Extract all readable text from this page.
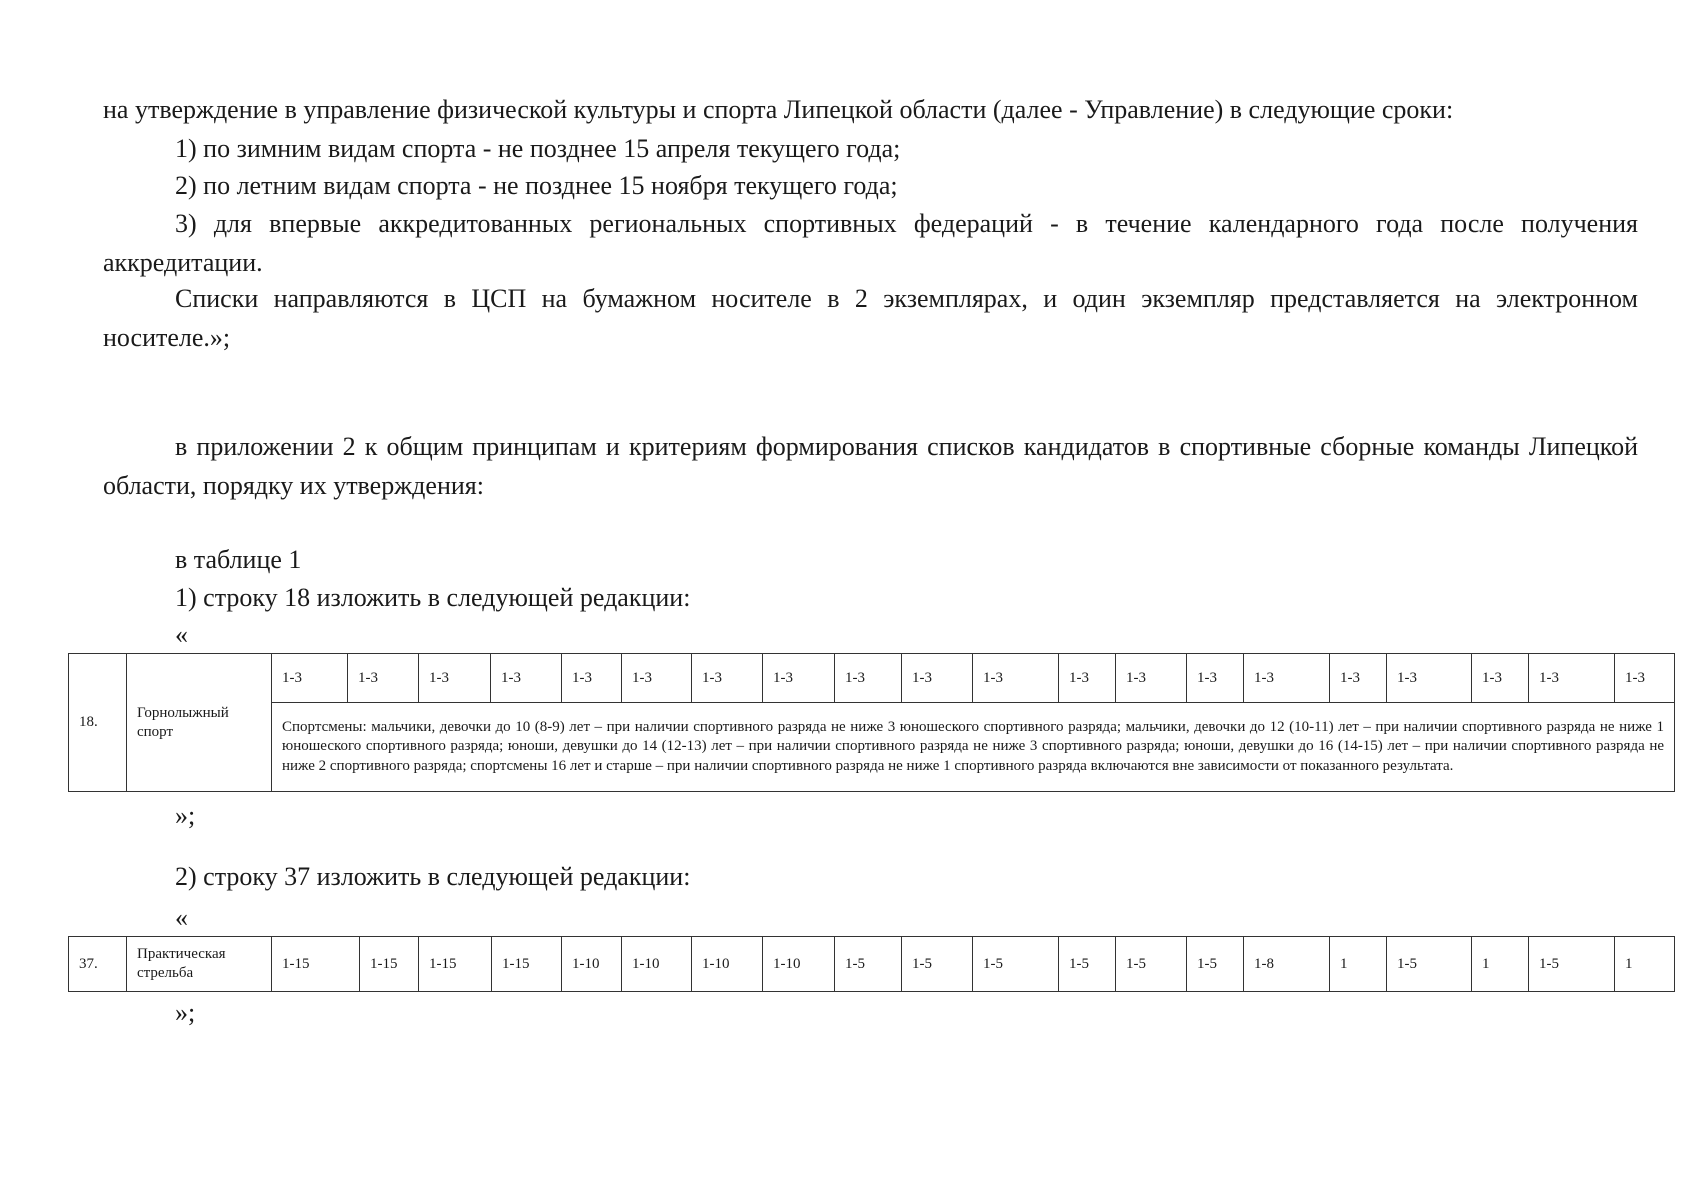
на утверждение в управление физической культуры и спорта Липецкой области (далее - Управление) в следующие сроки:

1) по зимним видам спорта - не позднее 15 апреля текущего года;

2) по летним видам спорта - не позднее 15 ноября текущего года;

3) для впервые аккредитованных региональных спортивных федераций - в течение календарного года после получения аккредитации.

Списки направляются в ЦСП на бумажном носителе в 2 экземплярах, и один экземпляр представляется на электронном носителе.»;

в приложении 2 к общим принципам и критериям формирования списков кандидатов в спортивные сборные команды Липецкой области, порядку их утверждения:

в таблице 1

1) строку 18 изложить в следующей редакции:

«

18.	Горнолыжный спорт	1-3	1-3	1-3	1-3	1-3	1-3	1-3	1-3	1-3	1-3	1-3	1-3	1-3	1-3	1-3	1-3	1-3	1-3	1-3	1-3
Спортсмены: мальчики, девочки до 10 (8-9) лет – при наличии спортивного разряда не ниже 3 юношеского спортивного разряда; мальчики, девочки до 12 (10-11) лет – при наличии спортивного разряда не ниже 1 юношеского спортивного разряда; юноши, девушки до 14 (12-13) лет – при наличии спортивного разряда не ниже 3 спортивного разряда; юноши, девушки до 16 (14-15) лет – при наличии спортивного разряда не ниже 2 спортивного разряда; спортсмены 16 лет и старше – при наличии спортивного разряда не ниже 1 спортивного разряда включаются вне зависимости от показанного результата.

»;

2) строку 37 изложить в следующей редакции:

«

37.	Практическая стрельба	1-15	1-15	1-15	1-15	1-10	1-10	1-10	1-10	1-5	1-5	1-5	1-5	1-5	1-5	1-8	1	1-5	1	1-5	1

»;
